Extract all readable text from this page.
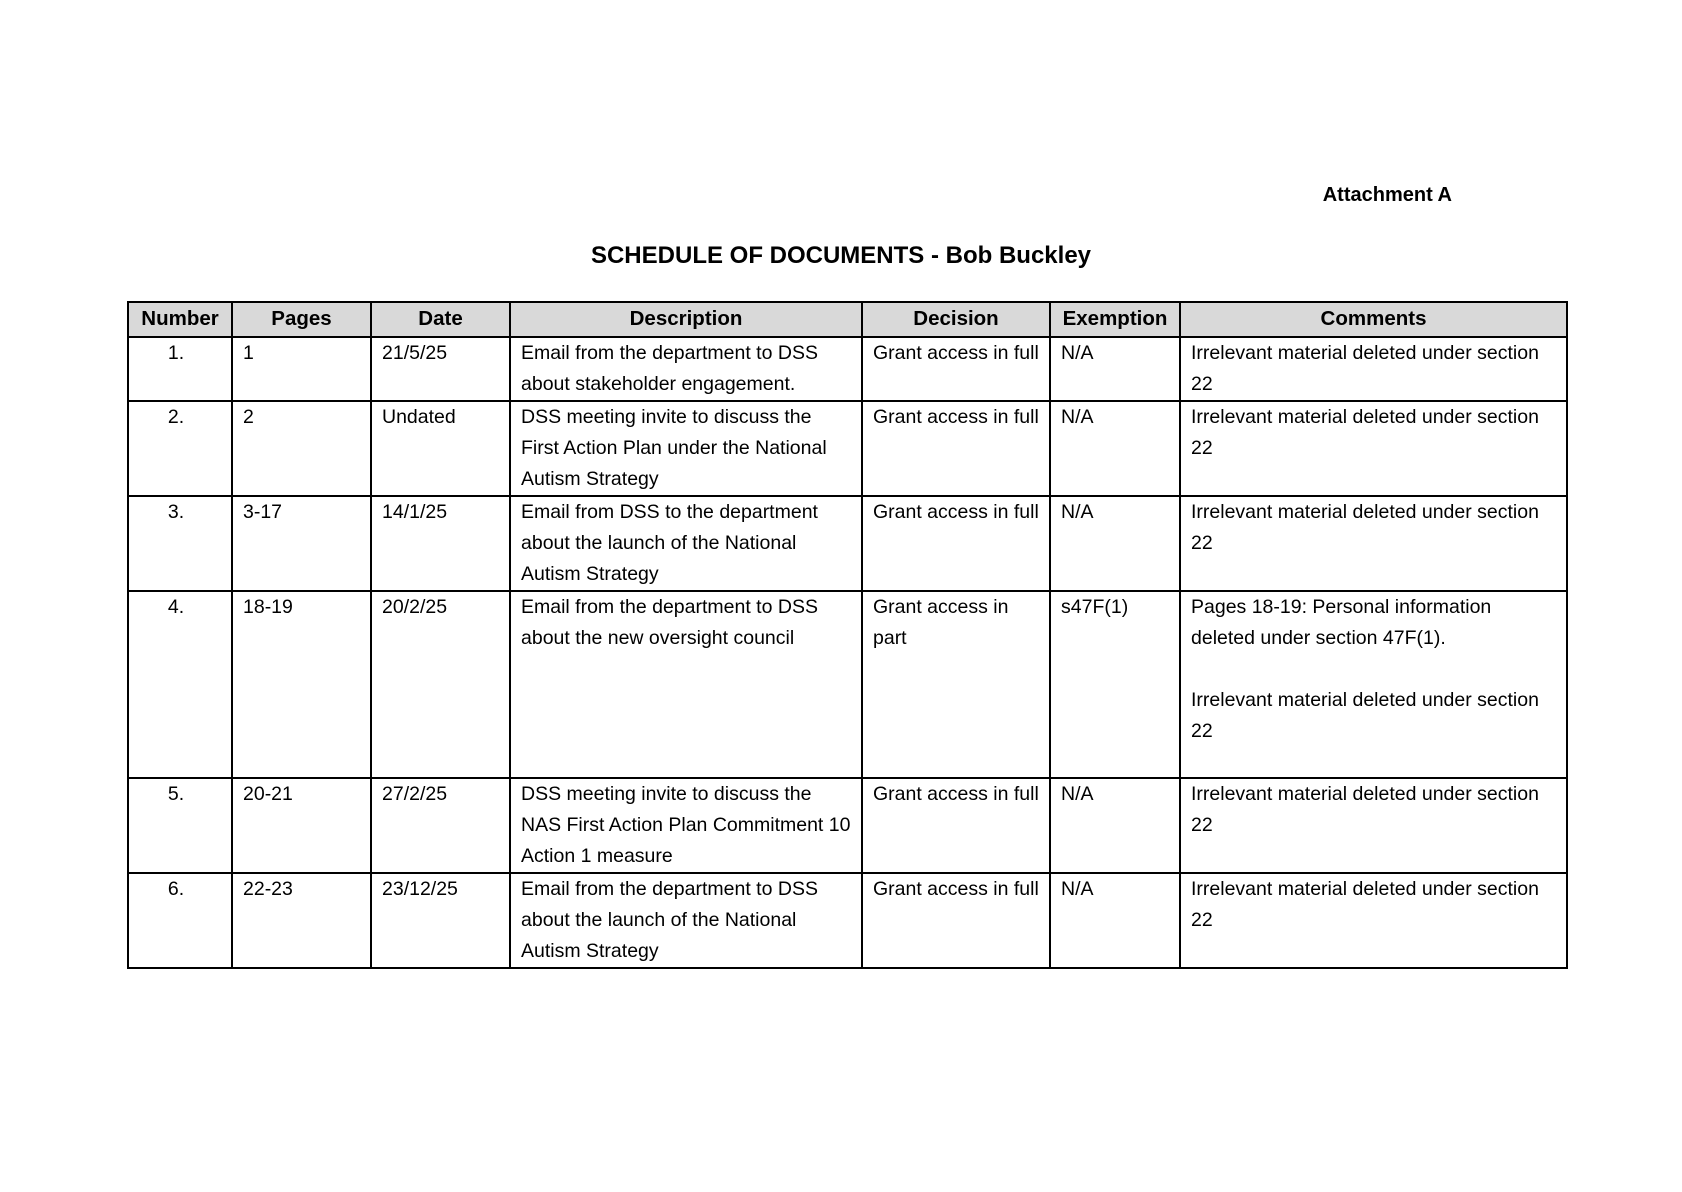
Attachment A
SCHEDULE OF DOCUMENTS - Bob Buckley
Number	Pages	Date	Description	Decision	Exemption	Comments
1.	1	21/5/25	Email from the department to DSS about stakeholder engagement.	Grant access in full	N/A	Irrelevant material deleted under section 22
2.	2	Undated	DSS meeting invite to discuss the First Action Plan under the National Autism Strategy	Grant access in full	N/A	Irrelevant material deleted under section 22
3.	3-17	14/1/25	Email from DSS to the department about the launch of the National Autism Strategy	Grant access in full	N/A	Irrelevant material deleted under section 22
4.	18-19	20/2/25	Email from the department to DSS about the new oversight council	Grant access in part	s47F(1)	Pages 18-19: Personal information deleted under section 47F(1).

Irrelevant material deleted under section 22
5.	20-21	27/2/25	DSS meeting invite to discuss the NAS First Action Plan Commitment 10 Action 1 measure	Grant access in full	N/A	Irrelevant material deleted under section 22
6.	22-23	23/12/25	Email from the department to DSS about the launch of the National Autism Strategy	Grant access in full	N/A	Irrelevant material deleted under section 22
